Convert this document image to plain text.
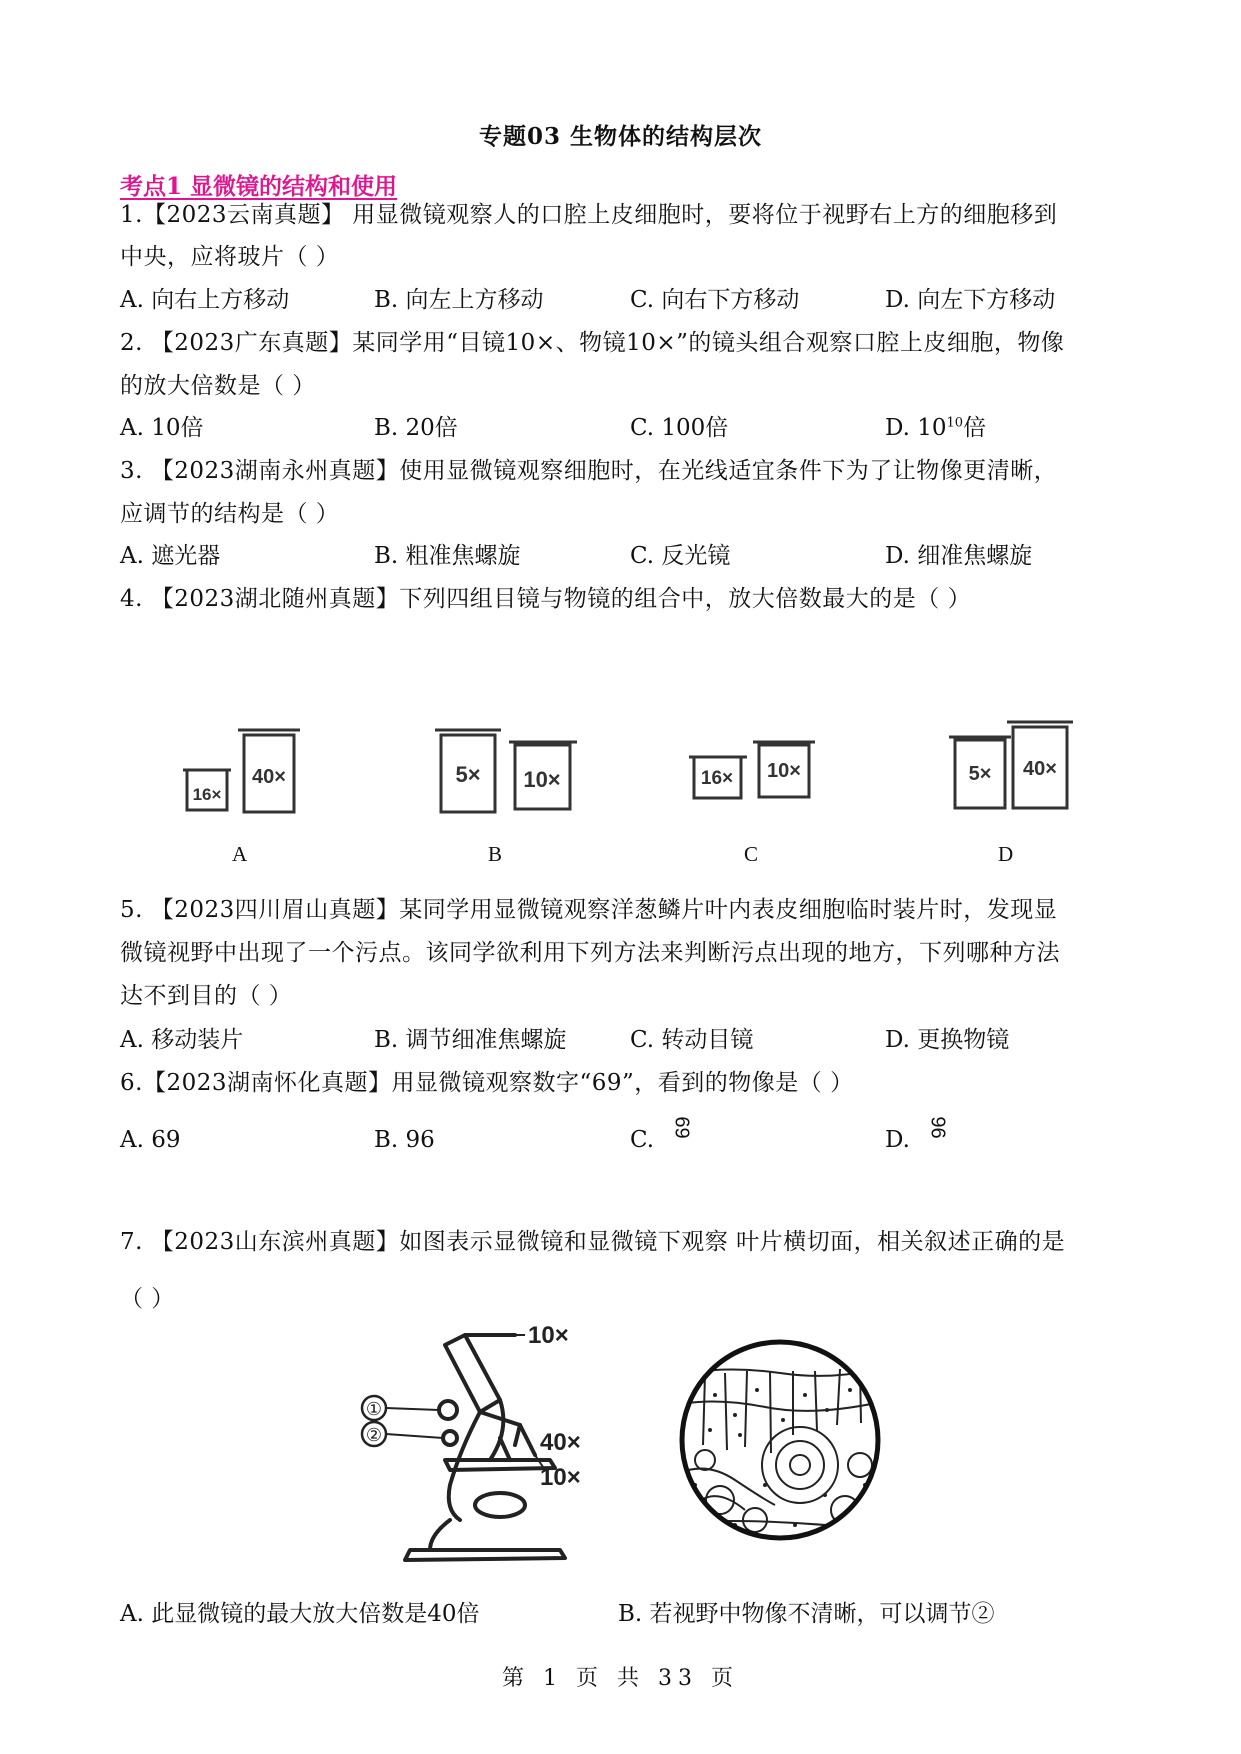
专题03 生物体的结构层次
考点1 显微镜的结构和使用
1.【2023云南真题】 用显微镜观察人的口腔上皮细胞时，要将位于视野右上方的细胞移到
中央，应将玻片（ ）
A. 向右上方移动	B. 向左上方移动	C. 向右下方移动	D. 向左下方移动
2. 【2023广东真题】某同学用“目镜10×、物镜10×”的镜头组合观察口腔上皮细胞，物像
的放大倍数是（ ）
A. 10倍	B. 20倍	C. 100倍	D. $10^{10}$倍
3. 【2023湖南永州真题】使用显微镜观察细胞时，在光线适宜条件下为了让物像更清晰，
应调节的结构是（ ）
A. 遮光器	B. 粗准焦螺旋	C. 反光镜	D. 细准焦螺旋
4. 【2023湖北随州真题】下列四组目镜与物镜的组合中，放大倍数最大的是（ ）
16×
40×	5× 10×	16× 10×	5× 40×
A	B	C	D
5. 【2023四川眉山真题】某同学用显微镜观察洋葱鳞片叶内表皮细胞临时装片时，发现显
微镜视野中出现了一个污点。该同学欲利用下列方法来判断污点出现的地方，下列哪种方法
达不到目的（ ）
A. 移动装片	B. 调节细准焦螺旋	C. 转动目镜	D. 更换物镜
6.【2023湖南怀化真题】用显微镜观察数字“69”，看到的物像是（ ）
A. 69	B. 96	C. 69	D. 96
7. 【2023山东滨州真题】如图表示显微镜和显微镜下观察 叶片横切面，相关叙述正确的是
（ ）
10×
40×
10×
①
②
A. 此显微镜的最大放大倍数是40倍	B. 若视野中物像不清晰，可以调节②
第 1 页 共 33 页
